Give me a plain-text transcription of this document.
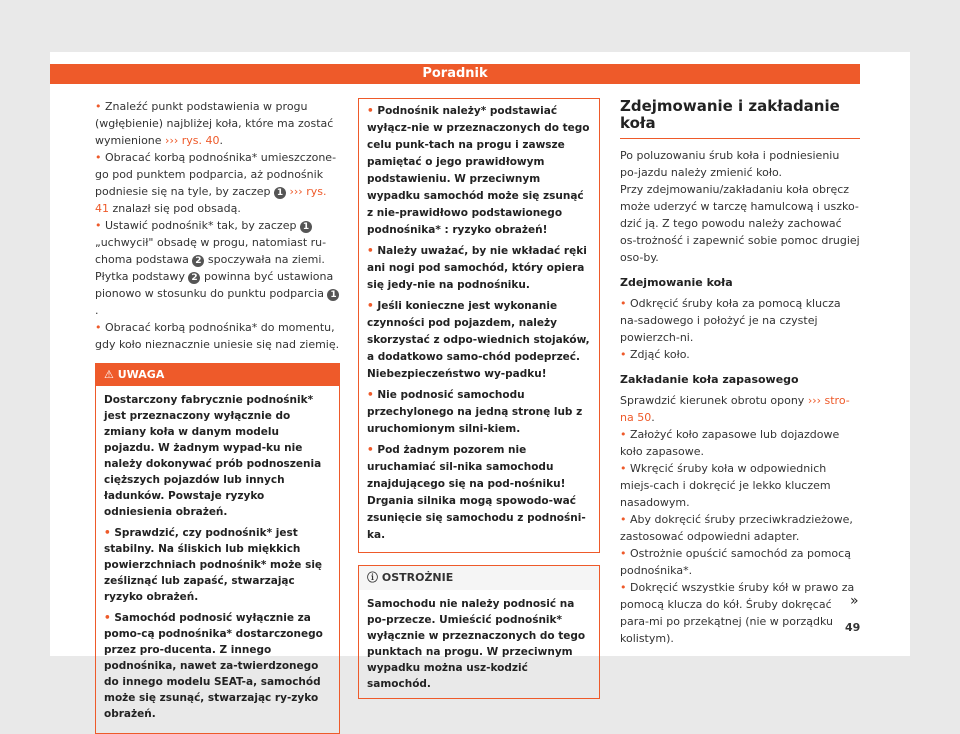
Poradnik

• Znaleźć punkt podstawienia w progu (wgłębienie) najbliżej koła, które ma zostać wymienione ››› rys. 40.

• Obracać korbą podnośnika* umieszczone-go pod punktem podparcia, aż podnośnik podniesie się na tyle, by zaczep 1 ››› rys. 41 znalazł się pod obsadą.

• Ustawić podnośnik* tak, by zaczep 1 „uchwycił" obsadę w progu, natomiast ru-choma podstawa 2 spoczywała na ziemi. Płytka podstawy 2 powinna być ustawiona pionowo w stosunku do punktu podparcia 1.

• Obracać korbą podnośnika* do momentu, gdy koło nieznacznie uniesie się nad ziemię.

⚠ UWAGA

Dostarczony fabrycznie podnośnik* jest przeznaczony wyłącznie do zmiany koła w danym modelu pojazdu. W żadnym wypad-ku nie należy dokonywać prób podnoszenia cięższych pojazdów lub innych ładunków. Powstaje ryzyko odniesienia obrażeń.

• Sprawdzić, czy podnośnik* jest stabilny. Na śliskich lub miękkich powierzchniach podnośnik* może się ześliznąć lub zapaść, stwarzając ryzyko obrażeń.

• Samochód podnosić wyłącznie za pomo-cą podnośnika* dostarczonego przez pro-ducenta. Z innego podnośnika, nawet za-twierdzonego do innego modelu SEAT-a, samochód może się zsunąć, stwarzając ry-zyko obrażeń.

• Podnośnik należy* podstawiać wyłącz-nie w przeznaczonych do tego celu punk-tach na progu i zawsze pamiętać o jego prawidłowym podstawieniu. W przeciwnym wypadku samochód może się zsunąć z nie-prawidłowo podstawionego podnośnika* : ryzyko obrażeń!

• Należy uważać, by nie wkładać ręki ani nogi pod samochód, który opiera się jedy-nie na podnośniku.

• Jeśli konieczne jest wykonanie czynności pod pojazdem, należy skorzystać z odpo-wiednich stojaków, a dodatkowo samo-chód podeprzeć. Niebezpieczeństwo wy-padku!

• Nie podnosić samochodu przechylonego na jedną stronę lub z uruchomionym silni-kiem.

• Pod żadnym pozorem nie uruchamiać sil-nika samochodu znajdującego się na pod-nośniku! Drgania silnika mogą spowodo-wać zsunięcie się samochodu z podnośni-ka.

ⓘ OSTROŻNIE
Samochodu nie należy podnosić na po-przecze. Umieścić podnośnik* wyłącznie w przeznaczonych do tego punktach na progu. W przeciwnym wypadku można usz-kodzić samochód.
Zdejmowanie i zakładanie koła

Po poluzowaniu śrub koła i podniesieniu po-jazdu należy zmienić koło.

Przy zdejmowaniu/zakładaniu koła obręcz może uderzyć w tarczę hamulcową i uszko-dzić ją. Z tego powodu należy zachować os-trożność i zapewnić sobie pomoc drugiej oso-by.

Zdejmowanie koła

• Odkręcić śruby koła za pomocą klucza na-sadowego i położyć je na czystej powierzch-ni.

• Zdjąć koło.

Zakładanie koła zapasowego

Sprawdzić kierunek obrotu opony ››› stro-na 50.

• Założyć koło zapasowe lub dojazdowe koło zapasowe.

• Wkręcić śruby koła w odpowiednich miejs-cach i dokręcić je lekko kluczem nasadowym.

• Aby dokręcić śruby przeciwkradzieżowe, zastosować odpowiedni adapter.

• Ostrożnie opuścić samochód za pomocą podnośnika*.

• Dokręcić wszystkie śruby kół w prawo za pomocą klucza do kół. Śruby dokręcać para-mi po przekątnej (nie w porządku kolistym).

»
49
